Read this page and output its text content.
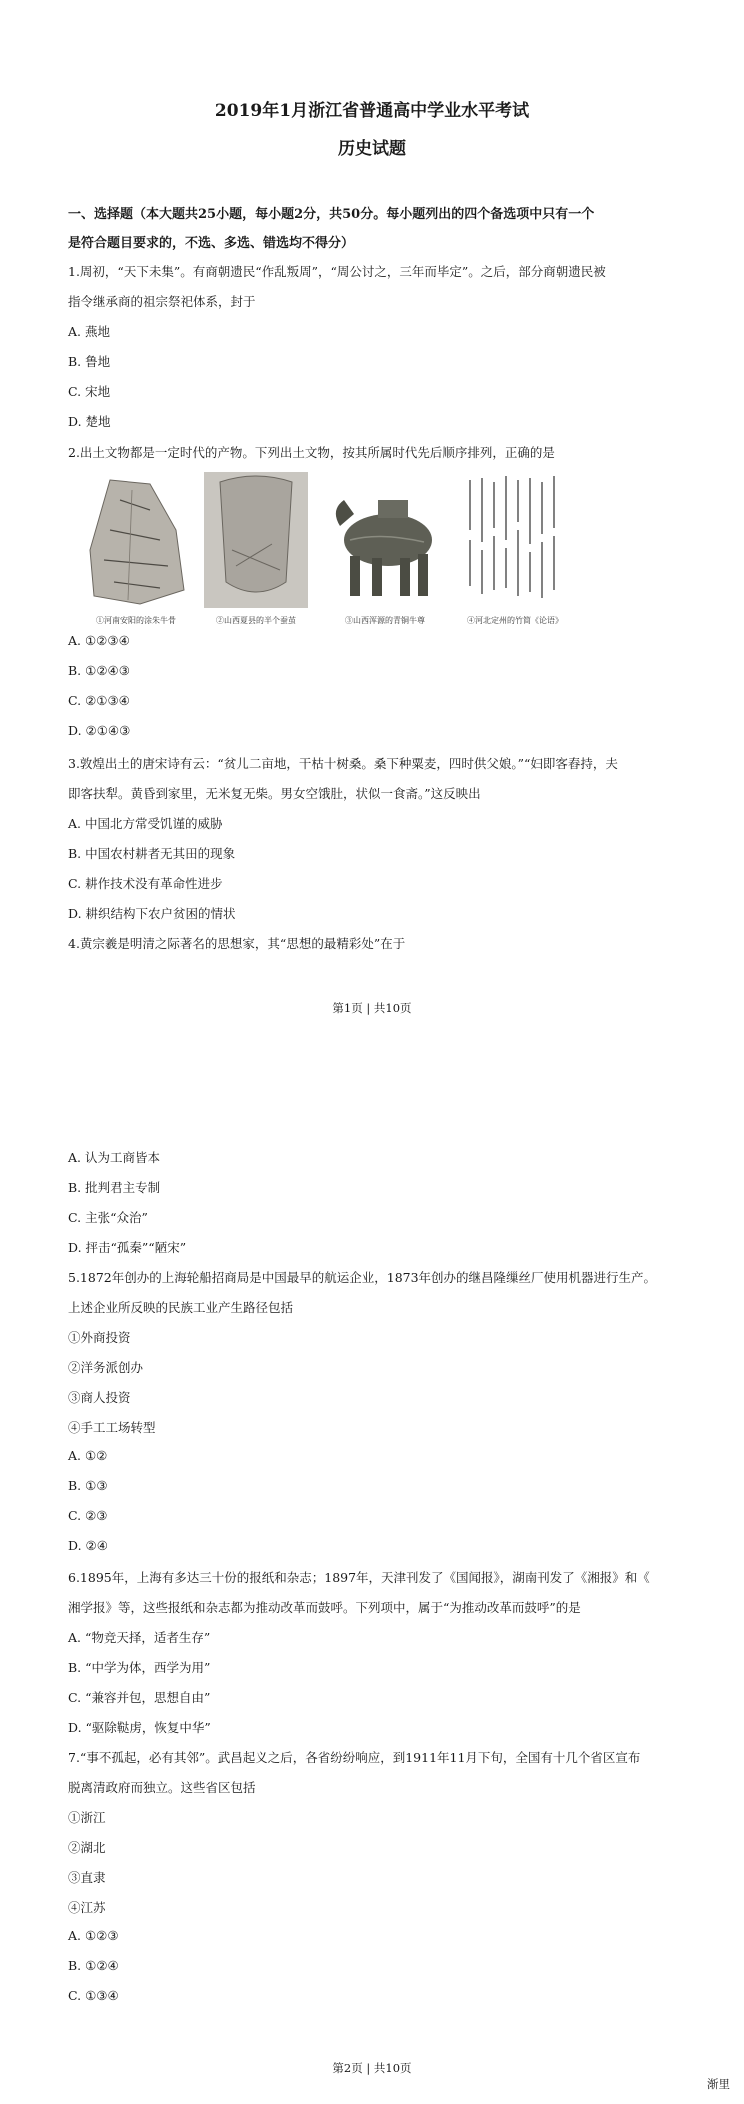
2019年1月浙江省普通高中学业水平考试
历史试题
一、选择题（本大题共25小题，每小题2分，共50分。每小题列出的四个备选项中只有一个
是符合题目要求的，不选、多选、错选均不得分）
1.周初，“天下未集”。有商朝遗民“作乱叛周”，“周公讨之，三年而毕定”。之后，部分商朝遗民被
指令继承商的祖宗祭祀体系，封于
A. 燕地
B. 鲁地
C. 宋地
D. 楚地
2.出土文物都是一定时代的产物。下列出土文物，按其所属时代先后顺序排列，正确的是
①河南安阳的涂朱牛骨	②山西夏县的半个蚕茧	③山西浑源的青铜牛尊	④河北定州的竹简《论语》
A. ①②③④
B. ①②④③
C. ②①③④
D. ②①④③
3.敦煌出土的唐宋诗有云：“贫儿二亩地，干枯十树桑。桑下种粟麦，四时供父娘。”“妇即客舂持，夫
即客扶犁。黄昏到家里，无米复无柴。男女空饿肚，状似一食斋。”这反映出
A. 中国北方常受饥谨的威胁
B. 中国农村耕者无其田的现象
C. 耕作技术没有革命性进步
D. 耕织结构下农户贫困的情状
4.黄宗羲是明清之际著名的思想家，其“思想的最精彩处”在于
第1页 | 共10页
A. 认为工商皆本
B. 批判君主专制
C. 主张“众治”
D. 抨击“孤秦”“陋宋”
5.1872年创办的上海轮船招商局是中国最早的航运企业，1873年创办的继昌隆缫丝厂使用机器进行生产。
上述企业所反映的民族工业产生路径包括
①外商投资
②洋务派创办
③商人投资
④手工工场转型
A. ①②
B. ①③
C. ②③
D. ②④
6.1895年，上海有多达三十份的报纸和杂志；1897年，天津刊发了《国闻报》，湖南刊发了《湘报》和《
湘学报》等，这些报纸和杂志都为推动改革而鼓呼。下列项中，属于“为推动改革而鼓呼”的是
A. “物竞天择，适者生存”
B. “中学为体，西学为用”
C. “兼容并包，思想自由”
D. “驱除鞑虏，恢复中华”
7.“事不孤起，必有其邻”。武昌起义之后，各省纷纷响应，到1911年11月下旬，全国有十几个省区宣布
脱离清政府而独立。这些省区包括
①浙江
②湖北
③直隶
④江苏
A. ①②③
B. ①②④
C. ①③④
第2页 | 共10页
渐里
